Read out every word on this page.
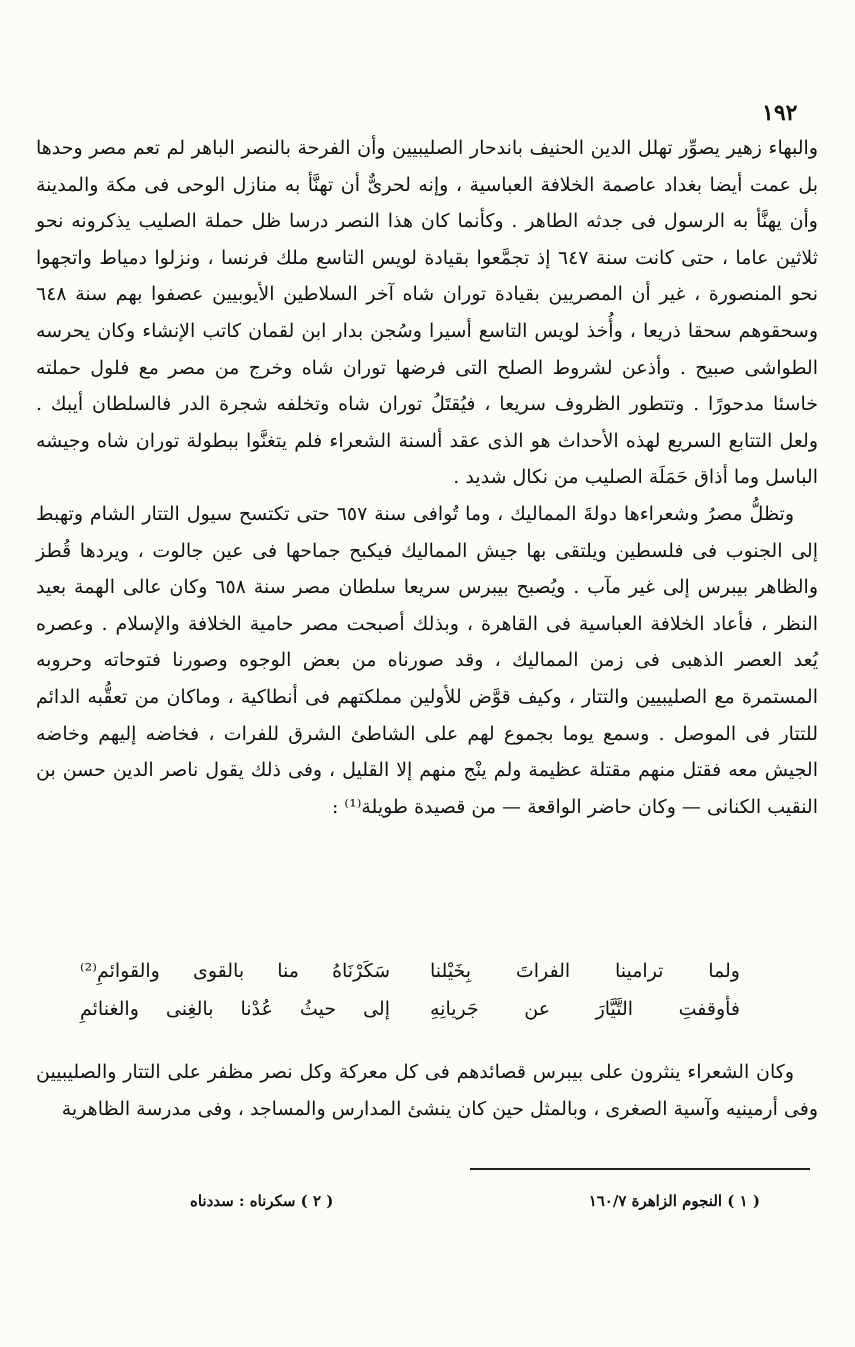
١٩٢

والبهاء زهير يصوِّر تهلل الدين الحنيف باندحار الصليبيين وأن الفرحة بالنصر الباهر لم تعم مصر وحدها بل عمت أيضا بغداد عاصمة الخلافة العباسية ، وإنه لحرىٌّ أن تهنَّأ به منازل الوحى فى مكة والمدينة وأن يهنَّأ به الرسول فى جدثه الطاهر . وكأنما كان هذا النصر درسا ظل حملة الصليب يذكرونه نحو ثلاثين عاما ، حتى كانت سنة ٦٤٧ إذ تجمَّعوا بقيادة لويس التاسع ملك فرنسا ، ونزلوا دمياط واتجهوا نحو المنصورة ، غير أن المصريين بقيادة توران شاه آخر السلاطين الأيوبيين عصفوا بهم سنة ٦٤٨ وسحقوهم سحقا ذريعا ، وأُخذ لويس التاسع أسيرا وسُجن بدار ابن لقمان كاتب الإنشاء وكان يحرسه الطواشى صبيح . وأذعن لشروط الصلح التى فرضها توران شاه وخرج من مصر مع فلول حملته خاسئا مدحورًا . وتتطور الظروف سريعا ، فيُقتَلُ توران شاه وتخلفه شجرة الدر فالسلطان أيبك . ولعل التتابع السريع لهذه الأحداث هو الذى عقد ألسنة الشعراء فلم يتغنَّوا ببطولة توران شاه وجيشه الباسل وما أذاق حَمَلَة الصليب من نكال شديد .

وتظلُّ مصرُ وشعراءها دولةَ المماليك ، وما تُوافى سنة ٦٥٧ حتى تكتسح سيول التتار الشام وتهبط إلى الجنوب فى فلسطين ويلتقى بها جيش المماليك فيكبح جماحها فى عين جالوت ، ويردها قُطز والظاهر بيبرس إلى غير مآب . ويُصبح بيبرس سريعا سلطان مصر سنة ٦٥٨ وكان عالى الهمة بعيد النظر ، فأعاد الخلافة العباسية فى القاهرة ، وبذلك أصبحت مصر حامية الخلافة والإسلام . وعصره يُعد العصر الذهبى فى زمن المماليك ، وقد صورناه من بعض الوجوه وصورنا فتوحاته وحروبه المستمرة مع الصليبيين والتتار ، وكيف قوَّض للأولين مملكتهم فى أنطاكية ، وماكان من تعقُّبه الدائم للتتار فى الموصل . وسمع يوما بجموع لهم على الشاطئ الشرق للفرات ، فخاضه إليهم وخاضه الجيش معه فقتل منهم مقتلة عظيمة ولم ينْج منهم إلا القليل ، وفى ذلك يقول ناصر الدين حسن بن النقيب الكنانى — وكان حاضر الواقعة — من قصيدة طويلة⁽¹⁾ :

ولما ترامينا الفراتَ بِخَيْلنا
سَكَرْنَاهُ منا بالقوى والقوائمِ⁽²⁾
فأوقفتِ التَّيَّارَ عن جَريانِهِ
إلى حيثُ عُدْنا بالغِنى والغنائمِ

وكان الشعراء ينثرون على بيبرس قصائدهم فى كل معركة وكل نصر مظفر على التتار والصليبيين وفى أرمينيه وآسية الصغرى ، وبالمثل حين كان ينشئ المدارس والمساجد ، وفى مدرسة الظاهرية

( ١ ) النجوم الزاهرة ١٦٠/٧
( ٢ ) سكرناه : سددناه
